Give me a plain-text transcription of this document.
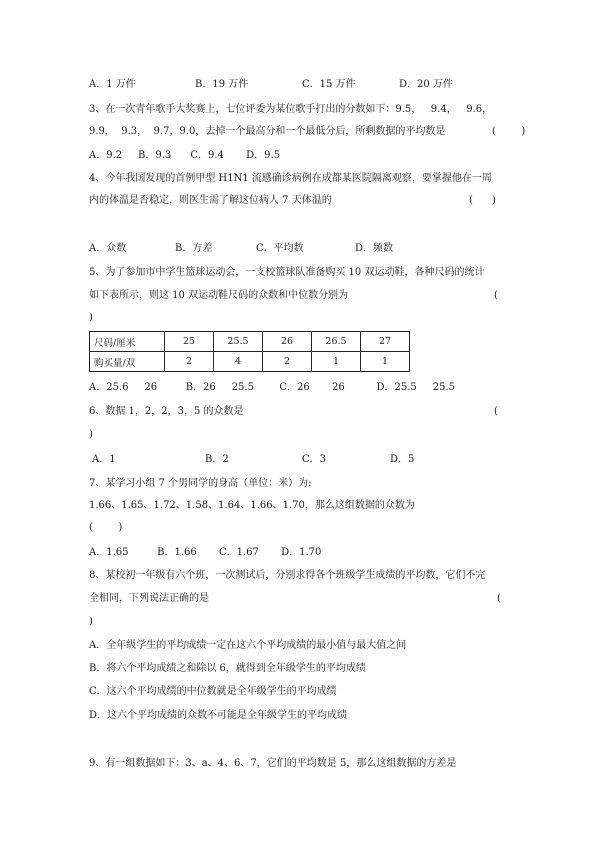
A．1 万件	B．19 万件	C．15 万件	D．20 万件
3、在一次青年歌手大奖赛上，七位评委为某位歌手打出的分数如下：9.5，   9.4，   9.6，
9.9，  9.3，  9.7，9.0，去掉一个最高分和一个最低分后，所剩数据的平均数是	(        )
A．9.2     B．9.3      C．9.4       D．9.5
4、今年我国发现的首例甲型 H1N1 流感确诊病例在成都某医院隔离观察，要掌握他在一周
内的体温是否稳定，则医生需了解这位病人 7 天体温的	(      )
A．众数	B．方差	C．平均数	D．频数
5、为了参加市中学生篮球运动会，一支校篮球队准备购买 10 双运动鞋，各种尺码的统计
如下表所示，则这 10 双运动鞋尺码的众数和中位数分别为	(
)
尺码/厘米	25	25.5	26	26.5	27
购买量/双	2	4	2	1	1
A．25.6     26         B．26     25.5        C．26       26          D．25.5     25.5
6、数据 1，2，2，3，5 的众数是	(
)
A．1	B．2	C．3	D．5
7、某学习小组 7 个男同学的身高（单位：米）为:
1.66、1.65、1.72、1.58、1.64、1.66、1.70，那么这组数据的众数为
(        )
A．1.65         B．1.66       C．1.67       D．1.70
8、某校初一年级有六个班，一次测试后，分别求得各个班级学生成绩的平均数，它们不完
全相同，下列说法正确的是	(
)
A．全年级学生的平均成绩一定在这六个平均成绩的最小值与最大值之间
B．将六个平均成绩之和除以 6，就得到全年级学生的平均成绩
C．这六个平均成绩的中位数就是全年级学生的平均成绩
D．这六个平均成绩的众数不可能是全年级学生的平均成绩
9、有一组数据如下：3、a、4、6、7，它们的平均数是 5，那么这组数据的方差是
